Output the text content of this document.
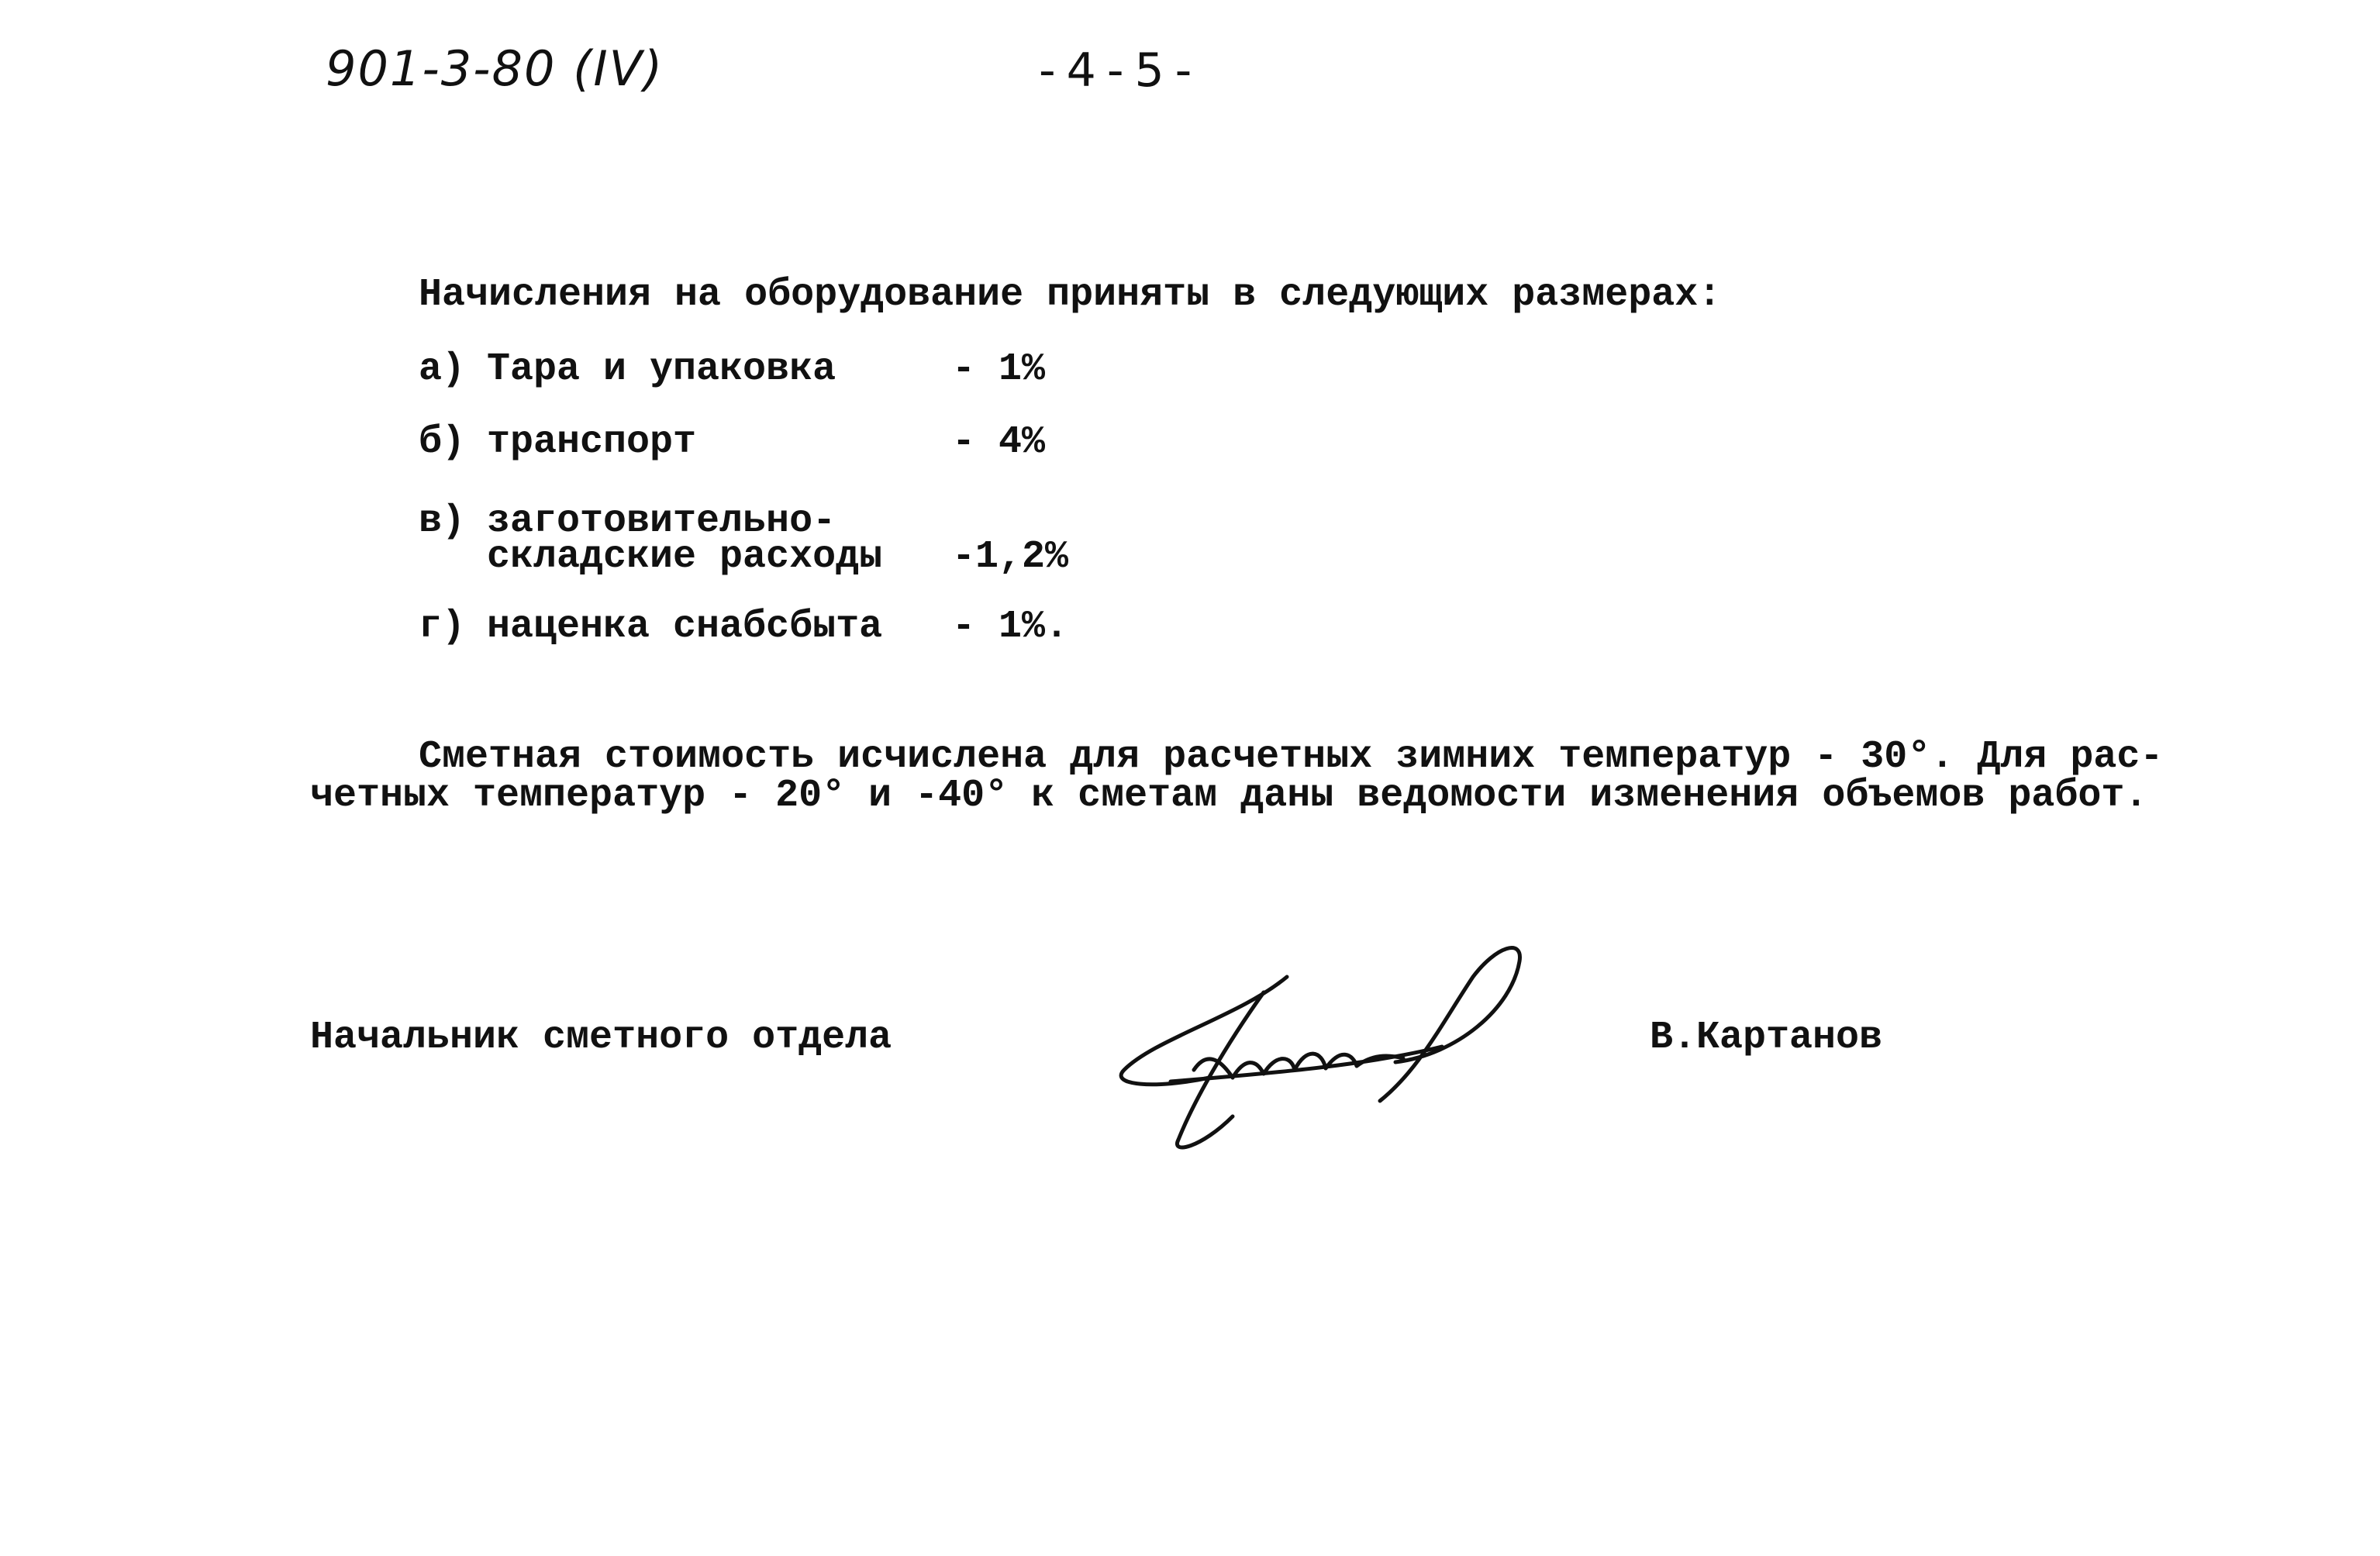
901-3-80 (IV)	-4-5-
Начисления на оборудование приняты в следующих размерах:
а) Тара и упаковка	- 1%
б) транспорт	- 4%
в) заготовительно-
складские расходы -1,2%
г) наценка снабсбыта - 1%.
Сметная стоимость исчислена для расчетных зимних температур - 30°. Для рас-
четных температур - 20° и -40° к сметам даны ведомости изменения объемов работ.
Начальник сметного отдела	В.Картанов
